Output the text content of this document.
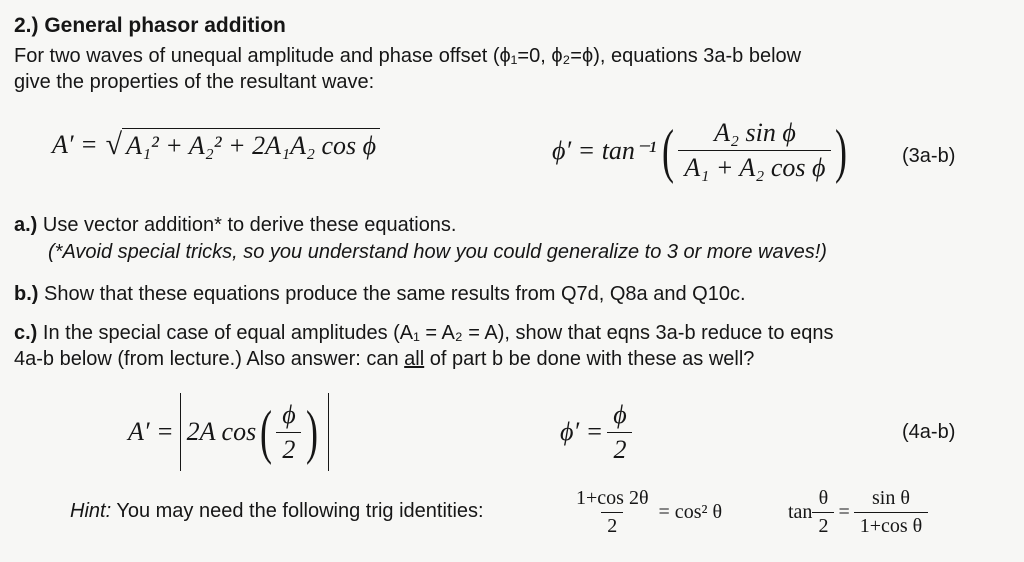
2.) General phasor addition
For two waves of unequal amplitude and phase offset (ϕ₁=0, ϕ₂=ϕ), equations 3a-b below
give the properties of the resultant wave:
A′ = √ A₁² + A₂² + 2A₁A₂ cos ϕ	ϕ′ = tan⁻¹ ( $\frac{\text{A₂ sin ϕ}}{\text{A₁ + A₂ cos ϕ}}$ )	(3a-b)
a.) Use vector addition* to derive these equations.
(*Avoid special tricks, so you understand how you could generalize to 3 or more waves!)
b.) Show that these equations produce the same results from Q7d, Q8a and Q10c.
c.) In the special case of equal amplitudes (A₁ = A₂ = A), show that eqns 3a-b reduce to eqns
4a-b below (from lecture.) Also answer: can all of part b be done with these as well?
A′ = 2A cos ( $\frac{\phi}{2}$ )	$\phi' = \frac{\phi}{2}$	(4a-b)
Hint: You may need the following trig identities:	$\frac{1+\cos 2\theta}{2} = \cos^2$ θ	$\tan \frac{\theta}{2} = \frac{\text{sin θ}}{\text{1+cos θ}}$
